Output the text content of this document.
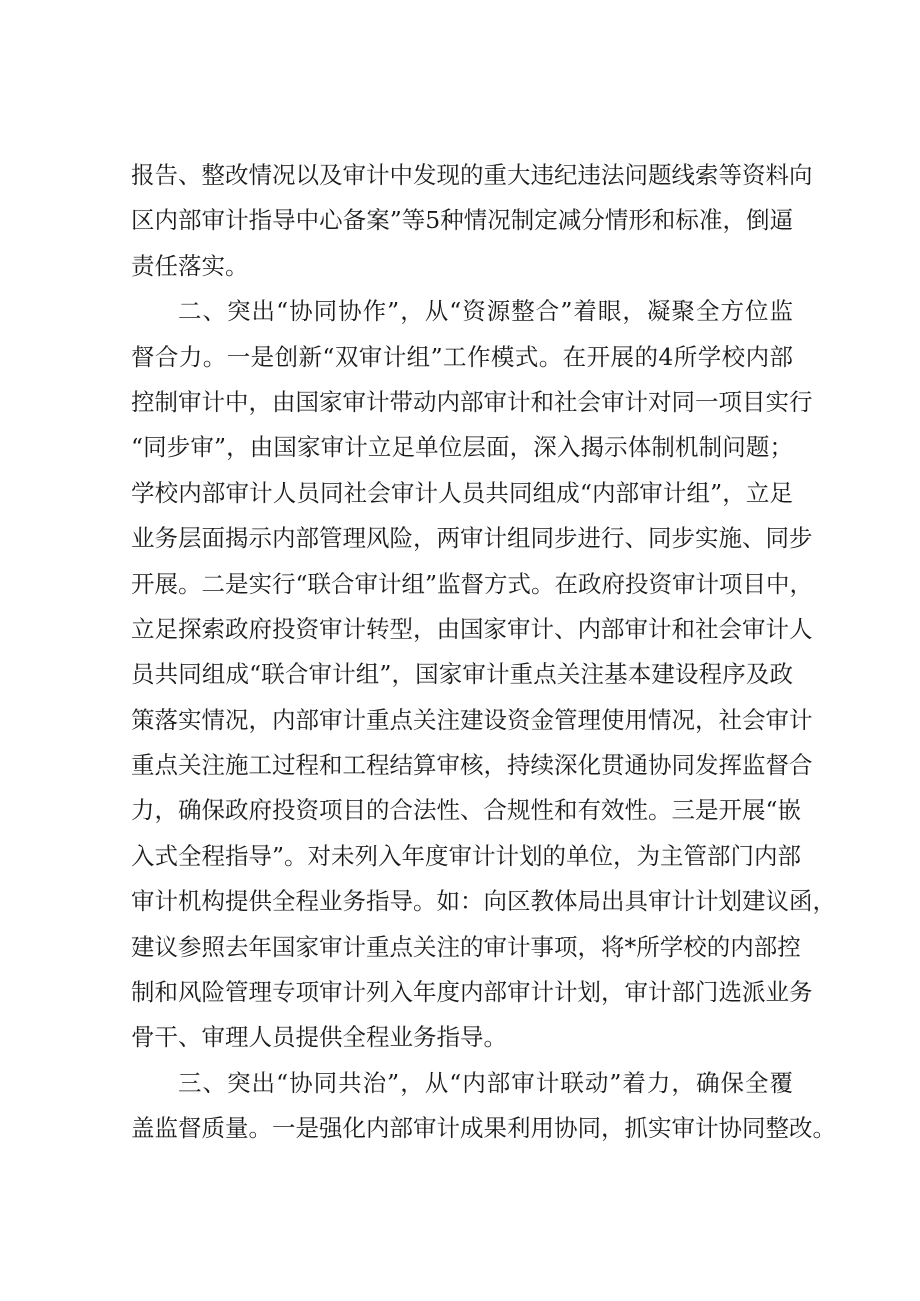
报告、整改情况以及审计中发现的重大违纪违法问题线索等资料向
区内部审计指导中心备案”等5种情况制定减分情形和标准，倒逼
责任落实。
二、突出“协同协作”，从“资源整合”着眼，凝聚全方位监
督合力。一是创新“双审计组”工作模式。在开展的4所学校内部
控制审计中，由国家审计带动内部审计和社会审计对同一项目实行
“同步审”，由国家审计立足单位层面，深入揭示体制机制问题；
学校内部审计人员同社会审计人员共同组成“内部审计组”，立足
业务层面揭示内部管理风险，两审计组同步进行、同步实施、同步
开展。二是实行“联合审计组”监督方式。在政府投资审计项目中，
立足探索政府投资审计转型，由国家审计、内部审计和社会审计人
员共同组成“联合审计组”，国家审计重点关注基本建设程序及政
策落实情况，内部审计重点关注建设资金管理使用情况，社会审计
重点关注施工过程和工程结算审核，持续深化贯通协同发挥监督合
力，确保政府投资项目的合法性、合规性和有效性。三是开展“嵌
入式全程指导”。对未列入年度审计计划的单位，为主管部门内部
审计机构提供全程业务指导。如：向区教体局出具审计计划建议函，
建议参照去年国家审计重点关注的审计事项，将*所学校的内部控
制和风险管理专项审计列入年度内部审计计划，审计部门选派业务
骨干、审理人员提供全程业务指导。
三、突出“协同共治”，从“内部审计联动”着力，确保全覆
盖监督质量。一是强化内部审计成果利用协同，抓实审计协同整改。
